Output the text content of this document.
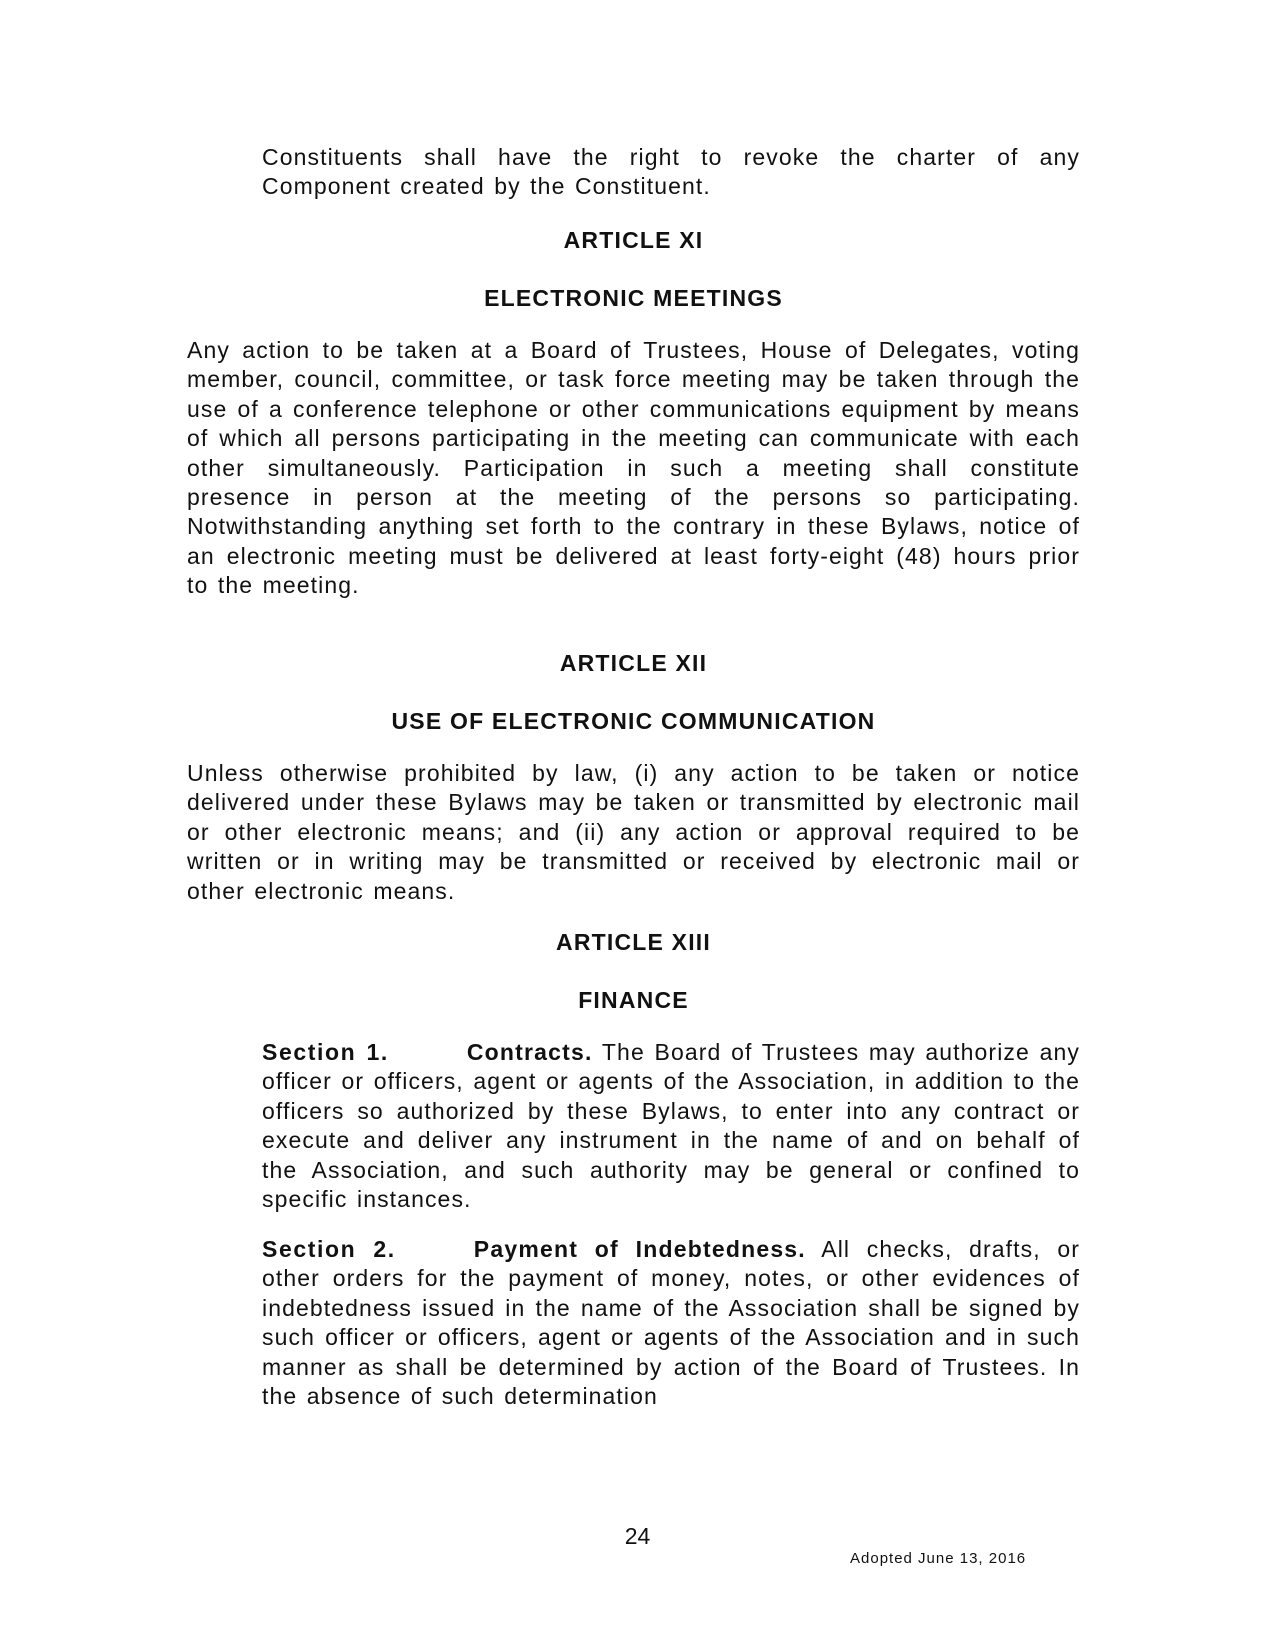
Constituents shall have the right to revoke the charter of any Component created by the Constituent.

ARTICLE XI
ELECTRONIC MEETINGS

Any action to be taken at a Board of Trustees, House of Delegates, voting member, council, committee, or task force meeting may be taken through the use of a conference telephone or other communications equipment by means of which all persons participating in the meeting can communicate with each other simultaneously. Participation in such a meeting shall constitute presence in person at the meeting of the persons so participating. Notwithstanding anything set forth to the contrary in these Bylaws, notice of an electronic meeting must be delivered at least forty-eight (48) hours prior to the meeting.

ARTICLE XII
USE OF ELECTRONIC COMMUNICATION

Unless otherwise prohibited by law, (i) any action to be taken or notice delivered under these Bylaws may be taken or transmitted by electronic mail or other electronic means; and (ii) any action or approval required to be written or in writing may be transmitted or received by electronic mail or other electronic means.

ARTICLE XIII
FINANCE

Section 1.	Contracts. The Board of Trustees may authorize any officer or officers, agent or agents of the Association, in addition to the officers so authorized by these Bylaws, to enter into any contract or execute and deliver any instrument in the name of and on behalf of the Association, and such authority may be general or confined to specific instances.

Section 2.	Payment of Indebtedness. All checks, drafts, or other orders for the payment of money, notes, or other evidences of indebtedness issued in the name of the Association shall be signed by such officer or officers, agent or agents of the Association and in such manner as shall be determined by action of the Board of Trustees. In the absence of such determination

24

Adopted June 13, 2016
